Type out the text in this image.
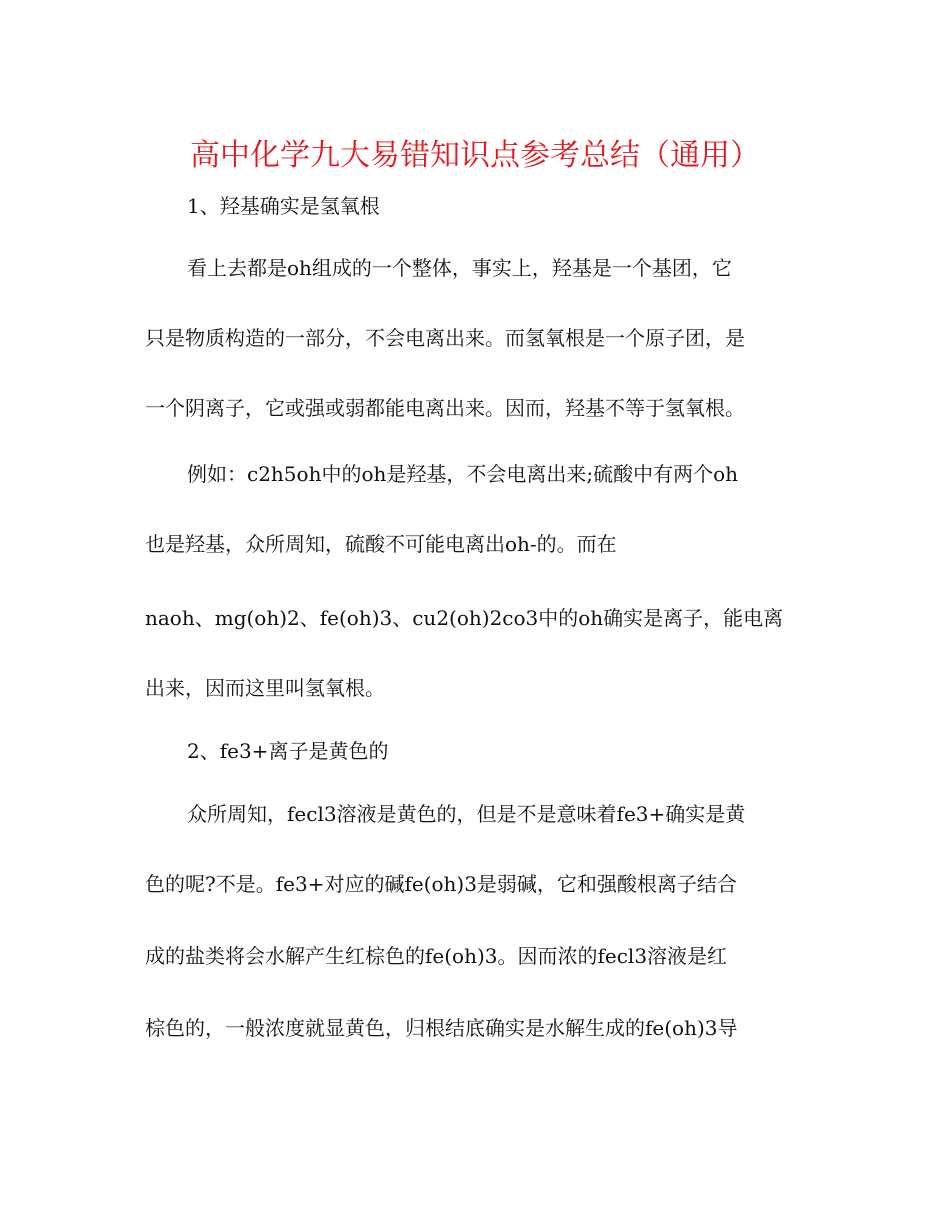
高中化学九大易错知识点参考总结（通用）
1、羟基确实是氢氧根
看上去都是oh组成的一个整体，事实上，羟基是一个基团，它
只是物质构造的一部分，不会电离出来。而氢氧根是一个原子团，是
一个阴离子，它或强或弱都能电离出来。因而，羟基不等于氢氧根。
例如：c2h5oh中的oh是羟基，不会电离出来;硫酸中有两个oh
也是羟基，众所周知，硫酸不可能电离出oh-的。而在
naoh、mg(oh)2、fe(oh)3、cu2(oh)2co3中的oh确实是离子，能电离
出来，因而这里叫氢氧根。
2、fe3+离子是黄色的
众所周知，fecl3溶液是黄色的，但是不是意味着fe3+确实是黄
色的呢?不是。fe3+对应的碱fe(oh)3是弱碱，它和强酸根离子结合
成的盐类将会水解产生红棕色的fe(oh)3。因而浓的fecl3溶液是红
棕色的，一般浓度就显黄色，归根结底确实是水解生成的fe(oh)3导
